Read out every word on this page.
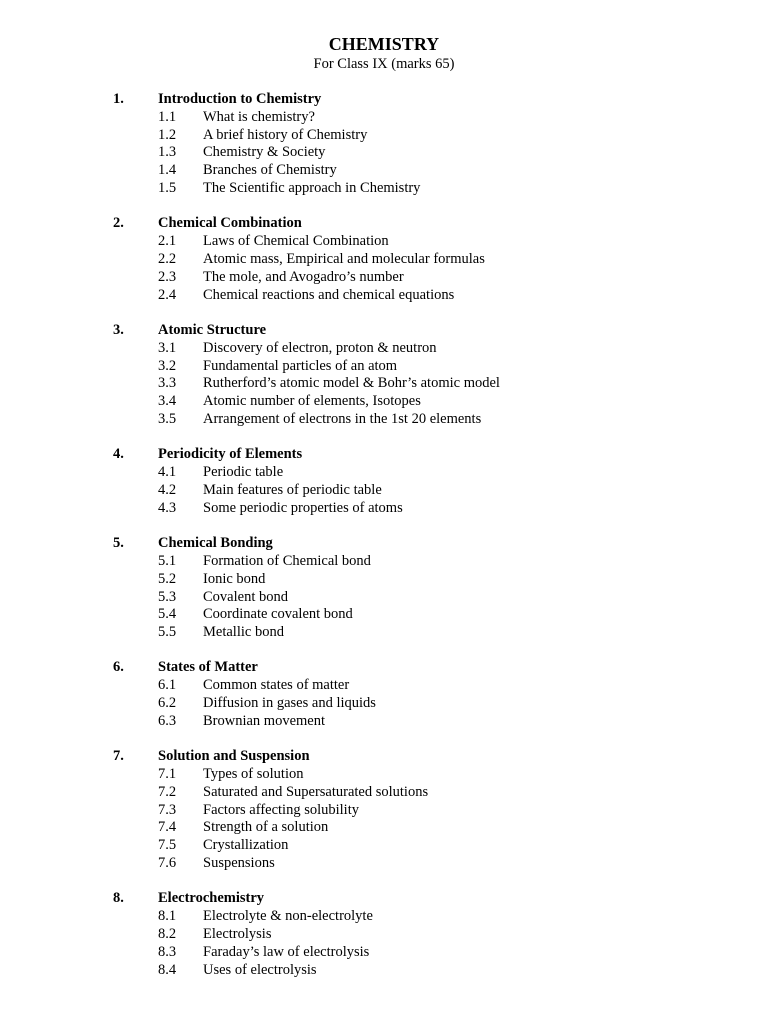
CHEMISTRY
For Class IX (marks 65)
1. Introduction to Chemistry
1.1 What is chemistry?
1.2 A brief history of Chemistry
1.3 Chemistry & Society
1.4 Branches of Chemistry
1.5 The Scientific approach in Chemistry
2. Chemical Combination
2.1 Laws of Chemical Combination
2.2 Atomic mass, Empirical and molecular formulas
2.3 The mole, and Avogadro’s number
2.4 Chemical reactions and chemical equations
3. Atomic Structure
3.1 Discovery of electron, proton & neutron
3.2 Fundamental particles of an atom
3.3 Rutherford’s atomic model & Bohr’s atomic model
3.4 Atomic number of elements, Isotopes
3.5 Arrangement of electrons in the 1st 20 elements
4. Periodicity of Elements
4.1 Periodic table
4.2 Main features of periodic table
4.3 Some periodic properties of atoms
5. Chemical Bonding
5.1 Formation of Chemical bond
5.2 Ionic bond
5.3 Covalent bond
5.4 Coordinate covalent bond
5.5 Metallic bond
6. States of Matter
6.1 Common states of matter
6.2 Diffusion in gases and liquids
6.3 Brownian movement
7. Solution and Suspension
7.1 Types of solution
7.2 Saturated and Supersaturated solutions
7.3 Factors affecting solubility
7.4 Strength of a solution
7.5 Crystallization
7.6 Suspensions
8. Electrochemistry
8.1 Electrolyte & non-electrolyte
8.2 Electrolysis
8.3 Faraday’s law of electrolysis
8.4 Uses of electrolysis
